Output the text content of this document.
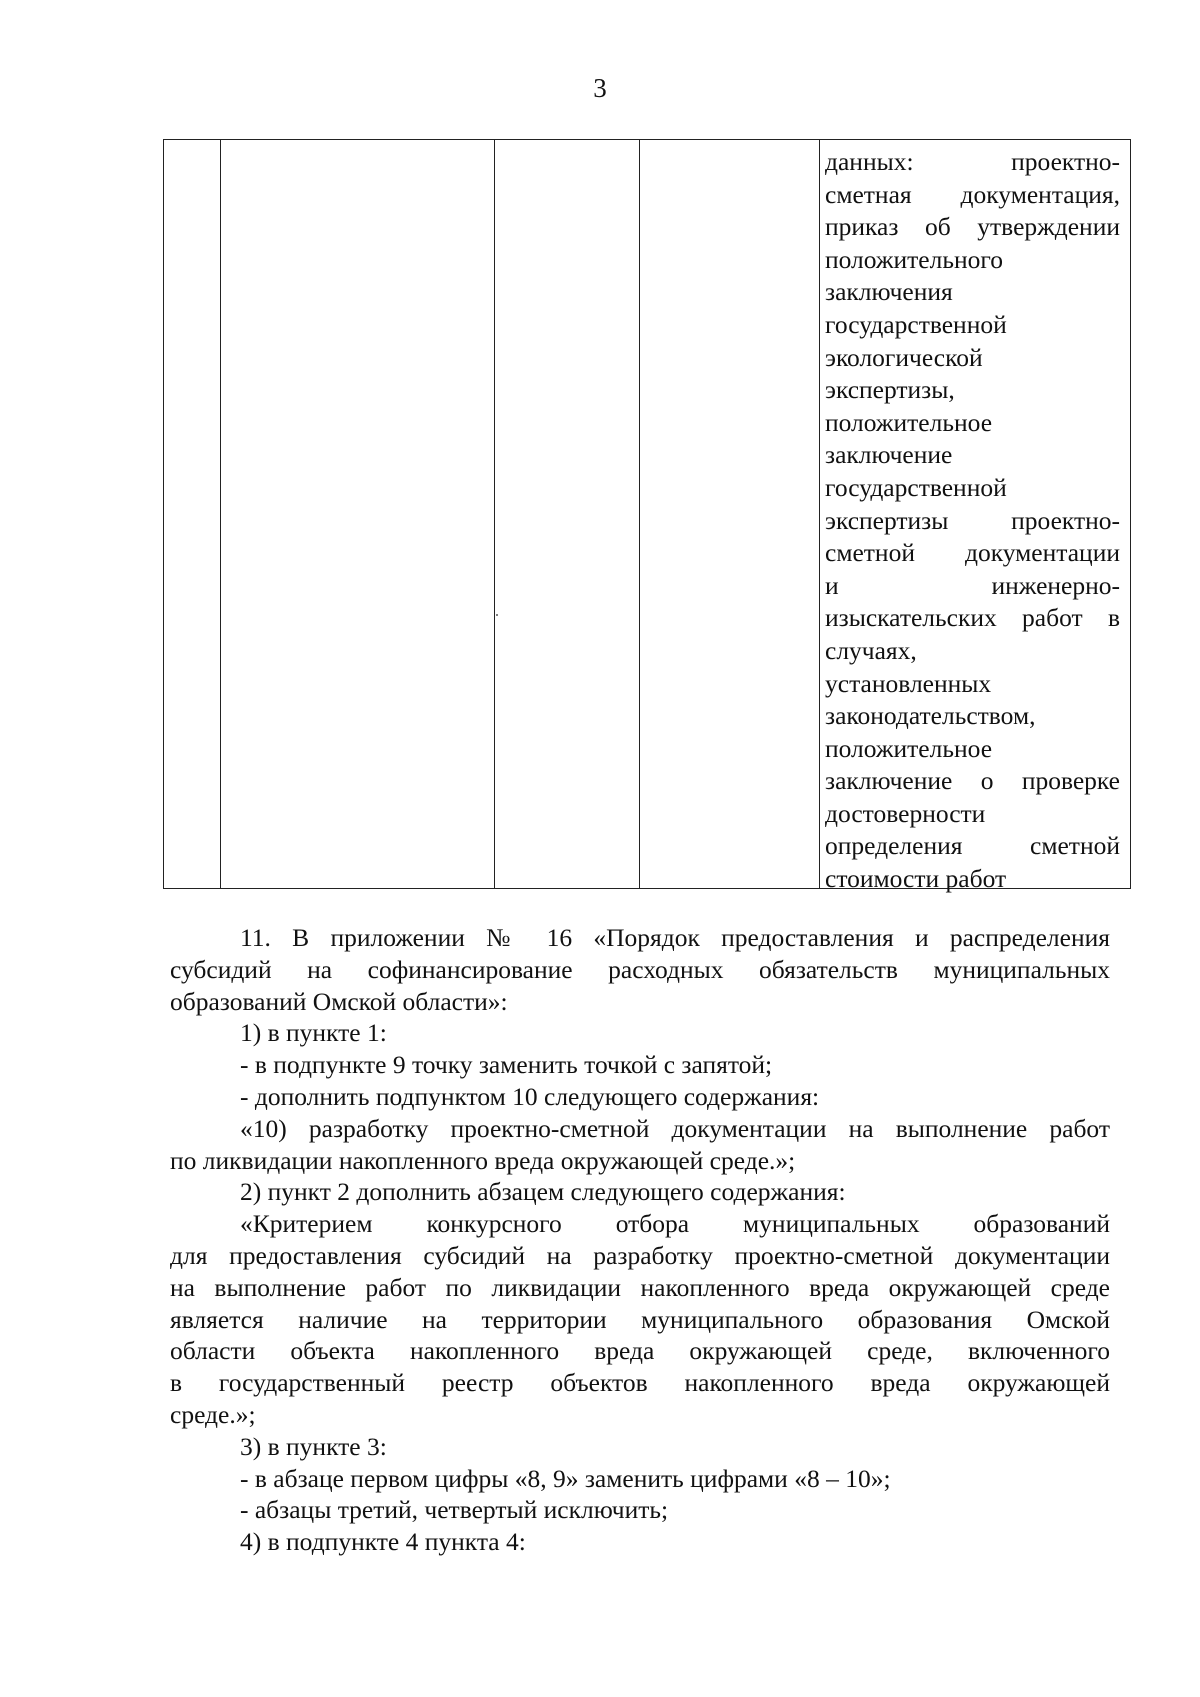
3
данных: проектно-
сметная документация,
приказ об утверждении
положительного
заключения
государственной
экологической
экспертизы,
положительное
заключение
государственной
экспертизы проектно-
сметной документации
и инженерно-
изыскательских работ в
случаях,
установленных
законодательством,
положительное
заключение о проверке
достоверности
определения сметной
стоимости работ
11. В приложении № 16 «Порядок предоставления и распределения
субсидий на софинансирование расходных обязательств муниципальных
образований Омской области»:

1) в пункте 1:

- в подпункте 9 точку заменить точкой с запятой;

- дополнить подпунктом 10 следующего содержания:

«10) разработку проектно-сметной документации на выполнение работ
по ликвидации накопленного вреда окружающей среде.»;

2) пункт 2 дополнить абзацем следующего содержания:

«Критерием конкурсного отбора муниципальных образований
для предоставления субсидий на разработку проектно-сметной документации
на выполнение работ по ликвидации накопленного вреда окружающей среде
является наличие на территории муниципального образования Омской
области объекта накопленного вреда окружающей среде, включенного
в государственный реестр объектов накопленного вреда окружающей
среде.»;

3) в пункте 3:

- в абзаце первом цифры «8, 9» заменить цифрами «8 – 10»;

- абзацы третий, четвертый исключить;

4) в подпункте 4 пункта 4:
